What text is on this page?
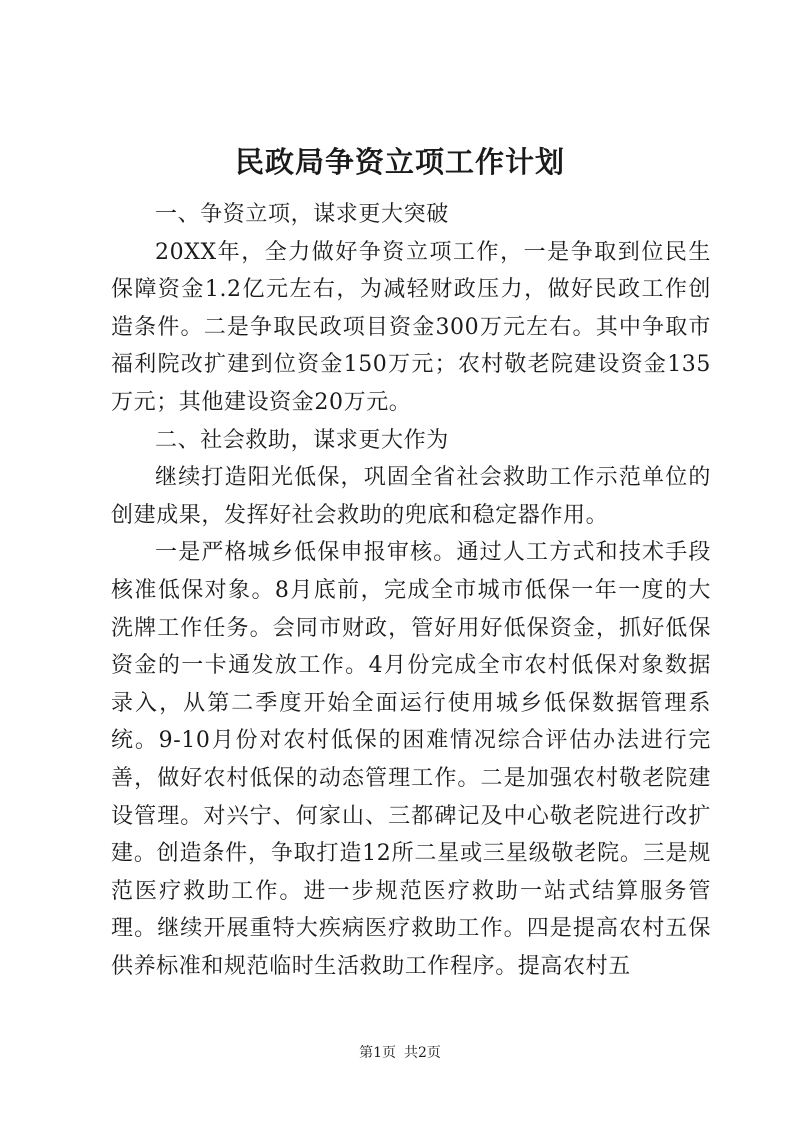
民政局争资立项工作计划

一、争资立项，谋求更大突破

20XX年，全力做好争资立项工作，一是争取到位民生保障资金1.2亿元左右，为减轻财政压力，做好民政工作创造条件。二是争取民政项目资金300万元左右。其中争取市福利院改扩建到位资金150万元；农村敬老院建设资金135万元；其他建设资金20万元。

二、社会救助，谋求更大作为

继续打造阳光低保，巩固全省社会救助工作示范单位的创建成果，发挥好社会救助的兜底和稳定器作用。

一是严格城乡低保申报审核。通过人工方式和技术手段核准低保对象。8月底前，完成全市城市低保一年一度的大洗牌工作任务。会同市财政，管好用好低保资金，抓好低保资金的一卡通发放工作。4月份完成全市农村低保对象数据录入，从第二季度开始全面运行使用城乡低保数据管理系统。9-10月份对农村低保的困难情况综合评估办法进行完善，做好农村低保的动态管理工作。二是加强农村敬老院建设管理。对兴宁、何家山、三都碑记及中心敬老院进行改扩建。创造条件，争取打造12所二星或三星级敬老院。三是规范医疗救助工作。进一步规范医疗救助一站式结算服务管理。继续开展重特大疾病医疗救助工作。四是提高农村五保供养标准和规范临时生活救助工作程序。提高农村五

第1页 共2页
